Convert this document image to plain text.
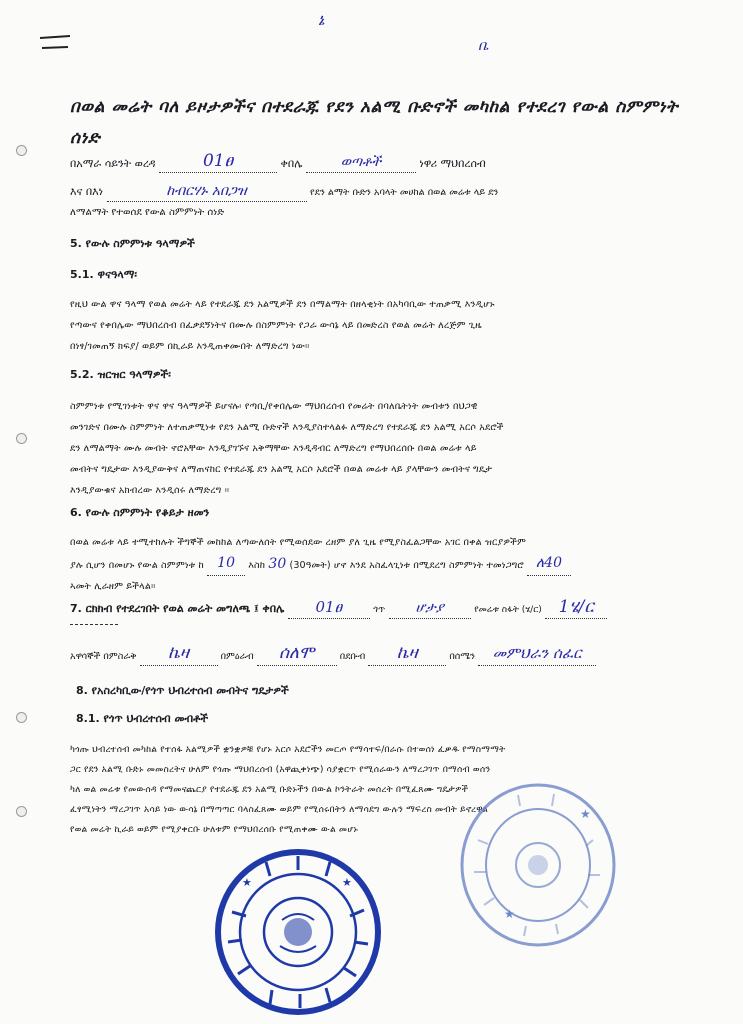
ኔ
ቤ
በወል መሬት ባለ ይዞታዎችና በተደራጁ የደን አልሚ ቡድኖች መካከል የተደረገ የውል ስምምነት ሰነድ
በአማራ ሳይንት ወረዳ	01ፀ	ቀበሌ	ወጣቶች	ነዋሪ ማህበረሰብ
እና በእነ	ከብርሃኑ አበጋዝ	የደን ልማት ቡድን አባላት መሀከል በወል መሬቱ ላይ ደን
ለማልማት የተወሰደ የውል ስምምነት ሰነድ
5. የውሉ ስምምነቱ ዓላማዎች
5.1. ዋናዓላማ፡
የዚህ ውል ዋና ዓላማ የወል መሬት ላይ የተደራጁ ደን አልሚዎች ደን በማልማት በዘላቂነት በአካባቢው ተጠቃሚ እንዲሆኑ
የጣውና የቀበሌው ማህበረሰብ በፈቃደኝነትና በሙሉ በስምምነት የጋራ ውሳኔ ላይ በመድረስ የወል መሬት ለረጅም ጊዜ
በነፃ/ገመጠኝ ክፍያ/ ወይም በኪራይ እንዲጠቀሙበት ለማድረግ ነው።
5.2. ዝርዝር ዓላማዎች፡
ስምምነቱ የሚገነቱት ዋና ዋና ዓላማዎች ይሆናሉ፡ የጣቢ/የቀበሌው ማህበረሰብ የመሬት በባለቤትነት መብቱን በህጋዊ
መንገድና በሙሉ ስምምነት ለተጠቃሚነቱ የደን አልሚ ቡድኖች እንዲያስተላልፉ ለማድረግ የተደራጁ ደን አልሚ አርሶ አደሮች
ደን ለማልማት ሙሉ መብት ኖሮአቸው እንዲያገኙና አቅማቸው እንዲዳብር ለማድረግ የማህበረሰቡ በወል መሬቱ ላይ
መብትና ግዴታው እንዲያውቅና ለማጠናከር የተደራጁ ደን አልሚ አርሶ አደሮች በወል መሬቱ ላይ ያላቸውን መብትና ግዴታ
እንዲያውቁና አክብረው እንዲሰሩ ለማድረግ ፡፡
6. የውሉ ስምምነት የቆይታ ዘመን
በወል መሬቱ ላይ ተሚተከሉት ችግኞች መከከል ለጣውለሰት የሚወሰደው ረዘም ያለ ጊዜ የሚያስፈልጋቸው አገር በቀል ዝርያዎችም
ያሉ ሲሆን በመሆኑ የውል ስምምነቱ ከ 10 እስከ 30 (30ዓመት) ሆኖ እንደ አስፈላጊነቱ በሚደረግ ስምምነት ተመነጋግሮ ለ40
ኣመት ሊራዘም ይችላል።
7. ርክክብ የተደረገበት የወል መሬት መግለጫ ፤ ቀበሌ 01ፀ	ጎጥ ሆታያ	የመሬቱ ስፋት (ሄ/ር) 1ሄ/ር
አዋሳኞች በምስራቅ ኬዛ	በምዕራብ ሰለሞ	በደቡብ ኬዛ	በሰሜን መምህራን ሰፈር
8. የአስረካቢው/የጎጥ ህብረተሰብ መብትና ግዴታዎች
8.1. የጎጥ ህብረተሰብ መብቶች
ካጎጡ ህብረተሰብ መካከል የተሰፋ አልሚዎች ቋንቋዎቹ የሆኑ አርሶ አደሮችን መርጦ የማሳተፍ/በራሱ በተወሰነ ፈቃዱ የማስማማት
ጋር የደን አልሚ ቡድኑ መመስረትና ሁለም የጎጡ ማህበረሰብ (አዋጪቀነጭ) ሳያቋርጥ የሚሰራውን ለማረጋገጥ በማሰብ ወሰን
ካለ ወል መሬቱ የመውሰዳ የማመናጨርያ የተደራጁ ደን አልሚ ቡድኑችን በውል ኮንትራት መሰረት በሚፈጸሙ ግዴታዎች
ፈፃሚነትን ማረጋገጥ አሳይ ነው ውሳኔ በማጣጣር ባላስፈጸሙ ወይም የሚሰሩበትን ለማሳደግ ውሉን ማፍረስ መብት ይኖረዋል
የወል መሬት ኪራይ ወይም የሚያቀርቡ ሁለቱም የማህበረሰቡ የሚጠቀሙ ውል መሆኑ
★
★
★	★
